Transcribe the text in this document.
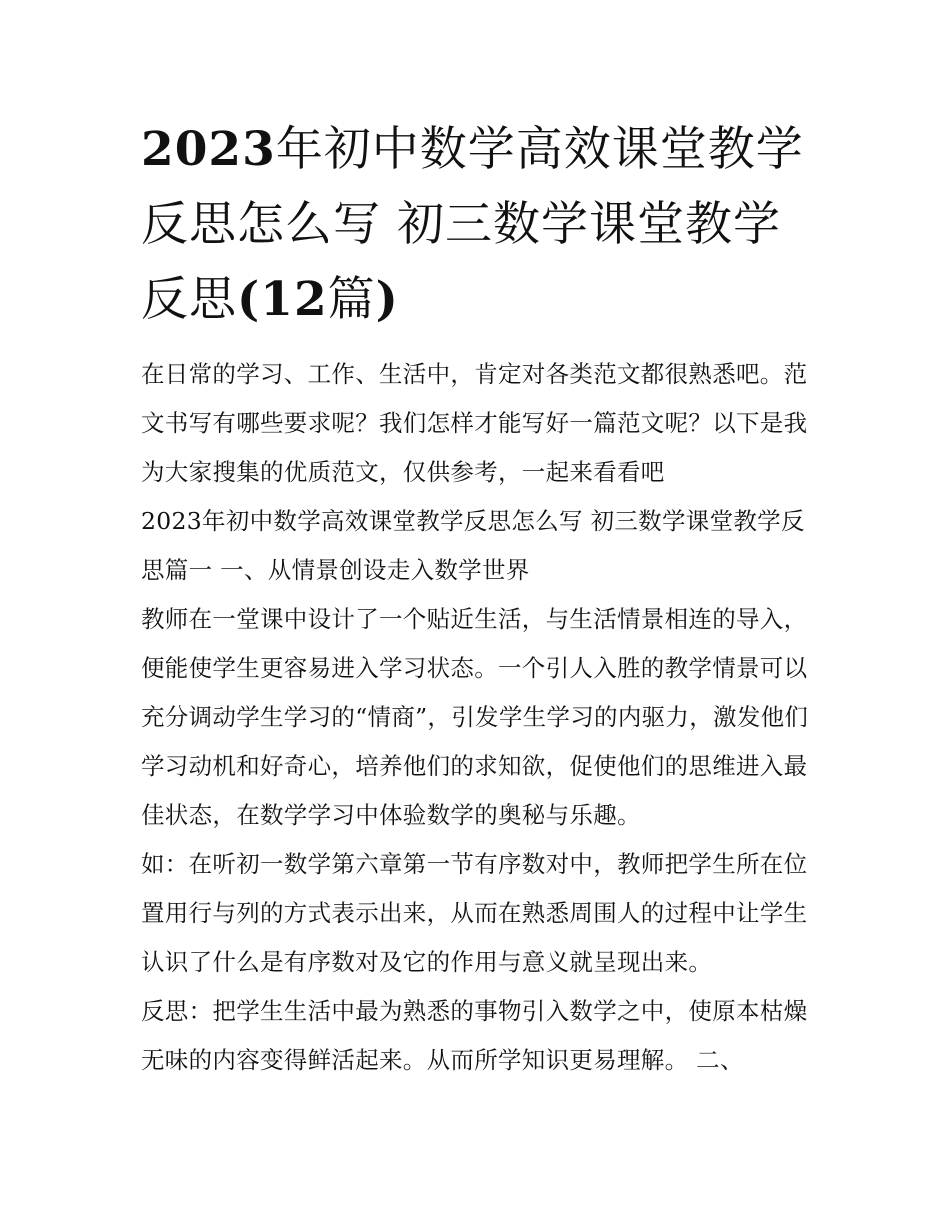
2023年初中数学高效课堂教学反思怎么写 初三数学课堂教学反思(12篇)

在日常的学习、工作、生活中，肯定对各类范文都很熟悉吧。范文书写有哪些要求呢？我们怎样才能写好一篇范文呢？以下是我为大家搜集的优质范文，仅供参考，一起来看看吧

2023年初中数学高效课堂教学反思怎么写 初三数学课堂教学反思篇一 一、从情景创设走入数学世界

教师在一堂课中设计了一个贴近生活，与生活情景相连的导入，便能使学生更容易进入学习状态。一个引人入胜的教学情景可以充分调动学生学习的“情商”，引发学生学习的内驱力，激发他们学习动机和好奇心，培养他们的求知欲，促使他们的思维进入最佳状态，在数学学习中体验数学的奥秘与乐趣。

如：在听初一数学第六章第一节有序数对中，教师把学生所在位置用行与列的方式表示出来，从而在熟悉周围人的过程中让学生认识了什么是有序数对及它的作用与意义就呈现出来。

反思：把学生生活中最为熟悉的事物引入数学之中，使原本枯燥无味的内容变得鲜活起来。从而所学知识更易理解。 二、
